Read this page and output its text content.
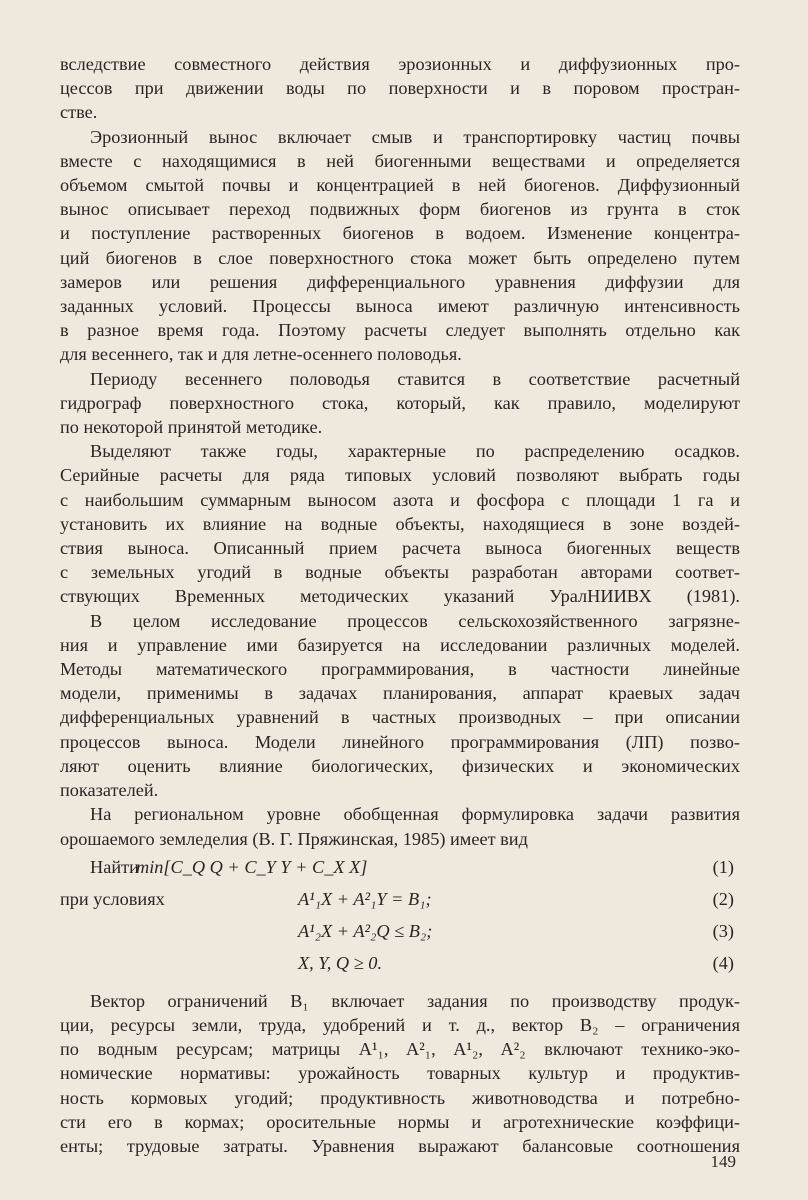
вследствие совместного действия эрозионных и диффузионных про-
цессов при движении воды по поверхности и в поровом простран-
стве.
Эрозионный вынос включает смыв и транспортировку частиц почвы
вместе с находящимися в ней биогенными веществами и определяется
объемом смытой почвы и концентрацией в ней биогенов. Диффузионный
вынос описывает переход подвижных форм биогенов из грунта в сток
и поступление растворенных биогенов в водоем. Изменение концентра-
ций биогенов в слое поверхностного стока может быть определено путем
замеров или решения дифференциального уравнения диффузии для
заданных условий. Процессы выноса имеют различную интенсивность
в разное время года. Поэтому расчеты следует выполнять отдельно как
для весеннего, так и для летне-осеннего половодья.
Периоду весеннего половодья ставится в соответствие расчетный
гидрограф поверхностного стока, который, как правило, моделируют
по некоторой принятой методике.
Выделяют также годы, характерные по распределению осадков.
Серийные расчеты для ряда типовых условий позволяют выбрать годы
с наибольшим суммарным выносом азота и фосфора с площади 1 га и
установить их влияние на водные объекты, находящиеся в зоне воздей-
ствия выноса. Описанный прием расчета выноса биогенных веществ
с земельных угодий в водные объекты разработан авторами соответ-
ствующих Временных методических указаний УралНИИВХ (1981).
В целом исследование процессов сельскохозяйственного загрязне-
ния и управление ими базируется на исследовании различных моделей.
Методы математического программирования, в частности линейные
модели, применимы в задачах планирования, аппарат краевых задач
дифференциальных уравнений в частных производных – при описании
процессов выноса. Модели линейного программирования (ЛП) позво-
ляют оценить влияние биологических, физических и экономических
показателей.
На региональном уровне обобщенная формулировка задачи развития
орошаемого земледелия (В. Г. Пряжинская, 1985) имеет вид
Найти
min[C_Q Q + C_Y Y + C_X X]	(1)
при условиях	A¹₁X + A²₁Y = B₁;	(2)
A¹₂X + A²₂Q ≤ B₂;	(3)
X, Y, Q ≥ 0.	(4)
Вектор ограничений B₁ включает задания по производству продук-
ции, ресурсы земли, труда, удобрений и т. д., вектор B₂ – ограничения
по водным ресурсам; матрицы A¹₁, A²₁, A¹₂, A²₂ включают технико-эко-
номические нормативы: урожайность товарных культур и продуктив-
ность кормовых угодий; продуктивность животноводства и потребно-
сти его в кормах; оросительные нормы и агротехнические коэффици-
енты; трудовые затраты. Уравнения выражают балансовые соотношения
149
